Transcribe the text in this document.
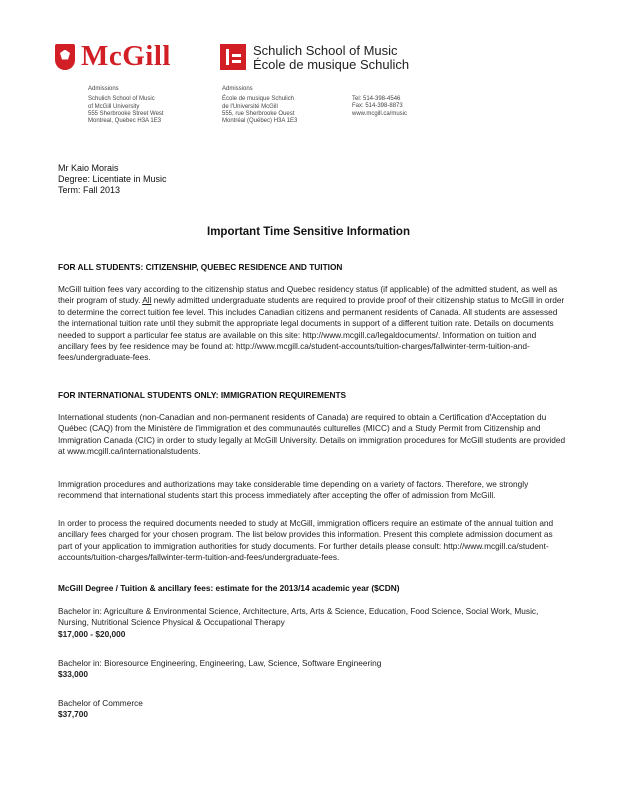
McGill	Schulich School of Music
École de musique Schulich
Admissions
Schulich School of Music
of McGill University
555 Sherbrooke Street West
Montreal, Quebec H3A 1E3
Admissions
École de musique Schulich
de l'Université McGill
555, rue Sherbrooke Ouest
Montréal (Québec) H3A 1E3
Tel: 514-398-4546
Fax: 514-398-8873
www.mcgill.ca/music
Mr Kaio Morais
Degree: Licentiate in Music
Term: Fall 2013
Important Time Sensitive Information
FOR ALL STUDENTS: CITIZENSHIP, QUEBEC RESIDENCE AND TUITION
McGill tuition fees vary according to the citizenship status and Quebec residency status (if applicable) of the admitted student, as well as their program of study. All newly admitted undergraduate students are required to provide proof of their citizenship status to McGill in order to determine the correct tuition fee level. This includes Canadian citizens and permanent residents of Canada. All students are assessed the international tuition rate until they submit the appropriate legal documents in support of a different tuition rate. Details on documents needed to support a particular fee status are available on this site: http://www.mcgill.ca/legaldocuments/. Information on tuition and ancillary fees by fee residence may be found at: http://www.mcgill.ca/student-accounts/tuition-charges/fallwinter-term-tuition-and-fees/undergraduate-fees.
FOR INTERNATIONAL STUDENTS ONLY: IMMIGRATION REQUIREMENTS
International students (non-Canadian and non-permanent residents of Canada) are required to obtain a Certification d'Acceptation du Québec (CAQ) from the Ministère de l'immigration et des communautés culturelles (MICC) and a Study Permit from Citizenship and Immigration Canada (CIC) in order to study legally at McGill University. Details on immigration procedures for McGill students are provided at www.mcgill.ca/internationalstudents.
Immigration procedures and authorizations may take considerable time depending on a variety of factors. Therefore, we strongly recommend that international students start this process immediately after accepting the offer of admission from McGill.
In order to process the required documents needed to study at McGill, immigration officers require an estimate of the annual tuition and ancillary fees charged for your chosen program. The list below provides this information. Present this complete admission document as part of your application to immigration authorities for study documents. For further details please consult: http://www.mcgill.ca/student-accounts/tuition-charges/fallwinter-term-tuition-and-fees/undergraduate-fees.
McGill Degree / Tuition & ancillary fees: estimate for the 2013/14 academic year ($CDN)
Bachelor in: Agriculture & Environmental Science, Architecture, Arts, Arts & Science, Education, Food Science, Social Work, Music, Nursing, Nutritional Science Physical & Occupational Therapy
$17,000 - $20,000
Bachelor in: Bioresource Engineering, Engineering, Law, Science, Software Engineering
$33,000
Bachelor of Commerce
$37,700
